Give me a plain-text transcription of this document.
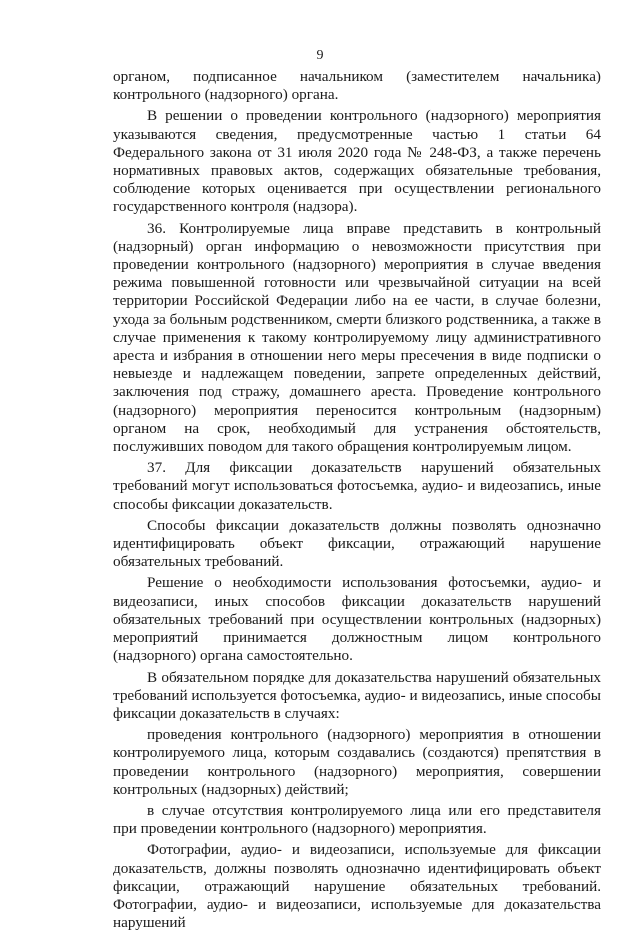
9

органом, подписанное начальником (заместителем начальника) контрольного (надзорного) органа.

В решении о проведении контрольного (надзорного) мероприятия указываются сведения, предусмотренные частью 1 статьи 64 Федерального закона от 31 июля 2020 года № 248-ФЗ, а также перечень нормативных правовых актов, содержащих обязательные требования, соблюдение которых оценивается при осуществлении регионального государственного контроля (надзора).

36. Контролируемые лица вправе представить в контрольный (надзорный) орган информацию о невозможности присутствия при проведении контрольного (надзорного) мероприятия в случае введения режима повышенной готовности или чрезвычайной ситуации на всей территории Российской Федерации либо на ее части, в случае болезни, ухода за больным родственником, смерти близкого родственника, а также в случае применения к такому контролируемому лицу административного ареста и избрания в отношении него меры пресечения в виде подписки о невыезде и надлежащем поведении, запрете определенных действий, заключения под стражу, домашнего ареста. Проведение контрольного (надзорного) мероприятия переносится контрольным (надзорным) органом на срок, необходимый для устранения обстоятельств, послуживших поводом для такого обращения контролируемым лицом.

37. Для фиксации доказательств нарушений обязательных требований могут использоваться фотосъемка, аудио- и видеозапись, иные способы фиксации доказательств.

Способы фиксации доказательств должны позволять однозначно идентифицировать объект фиксации, отражающий нарушение обязательных требований.

Решение о необходимости использования фотосъемки, аудио- и видеозаписи, иных способов фиксации доказательств нарушений обязательных требований при осуществлении контрольных (надзорных) мероприятий принимается должностным лицом контрольного (надзорного) органа самостоятельно.

В обязательном порядке для доказательства нарушений обязательных требований используется фотосъемка, аудио- и видеозапись, иные способы фиксации доказательств в случаях:

проведения контрольного (надзорного) мероприятия в отношении контролируемого лица, которым создавались (создаются) препятствия в проведении контрольного (надзорного) мероприятия, совершении контрольных (надзорных) действий;

в случае отсутствия контролируемого лица или его представителя при проведении контрольного (надзорного) мероприятия.

Фотографии, аудио- и видеозаписи, используемые для фиксации доказательств, должны позволять однозначно идентифицировать объект фиксации, отражающий нарушение обязательных требований. Фотографии, аудио- и видеозаписи, используемые для доказательства нарушений
